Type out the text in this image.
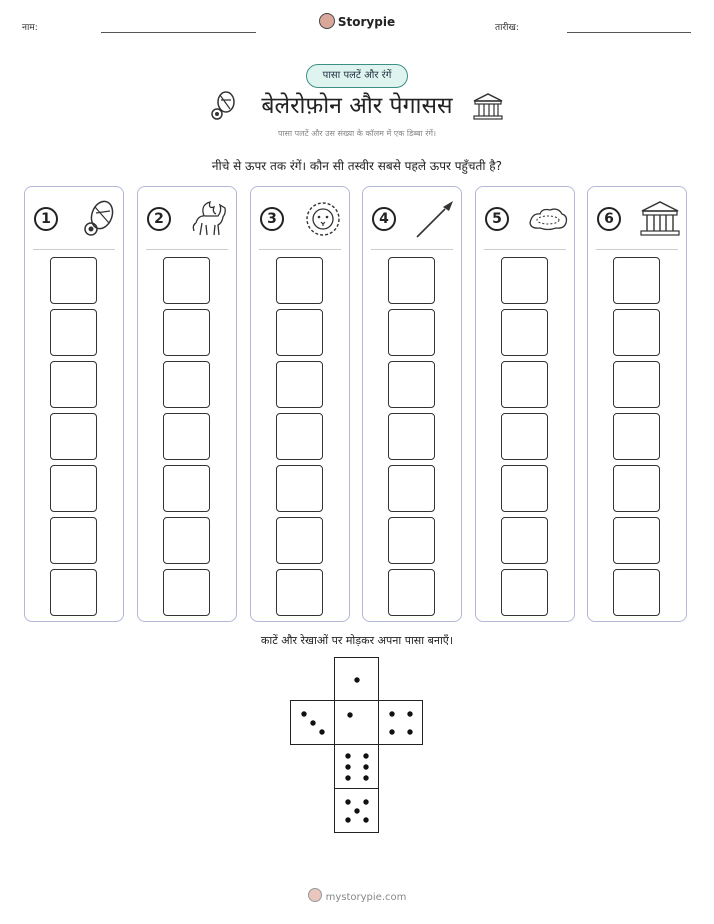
नाम:	Storypie	तारीख:
पासा पलटें और रंगें
बेलेरोफ़ोन और पेगासस
पासा पलटें और उस संख्या के कॉलम में एक डिब्बा रंगें।
नीचे से ऊपर तक रंगें। कौन सी तस्वीर सबसे पहले ऊपर पहुँचती है?
1	2	3	4	5	6
काटें और रेखाओं पर मोड़कर अपना पासा बनाएँ।
mystorypie.com
